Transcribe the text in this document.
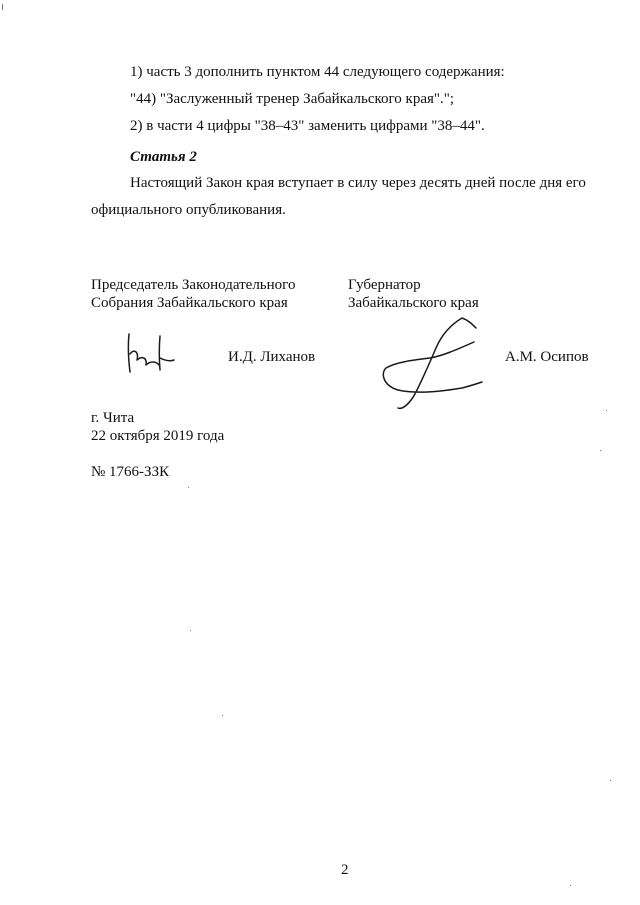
1) часть 3 дополнить пунктом 44 следующего содержания:
"44) "Заслуженный тренер Забайкальского края".";
2) в части 4 цифры "38–43" заменить цифрами "38–44".
Статья 2
Настоящий Закон края вступает в силу через десять дней после дня его
официального опубликования.
Председатель Законодательного
Собрания Забайкальского края
Губернатор
Забайкальского края
И.Д. Лиханов	А.М. Осипов
г. Чита
22 октября 2019 года
№ 1766-ЗЗК
2
